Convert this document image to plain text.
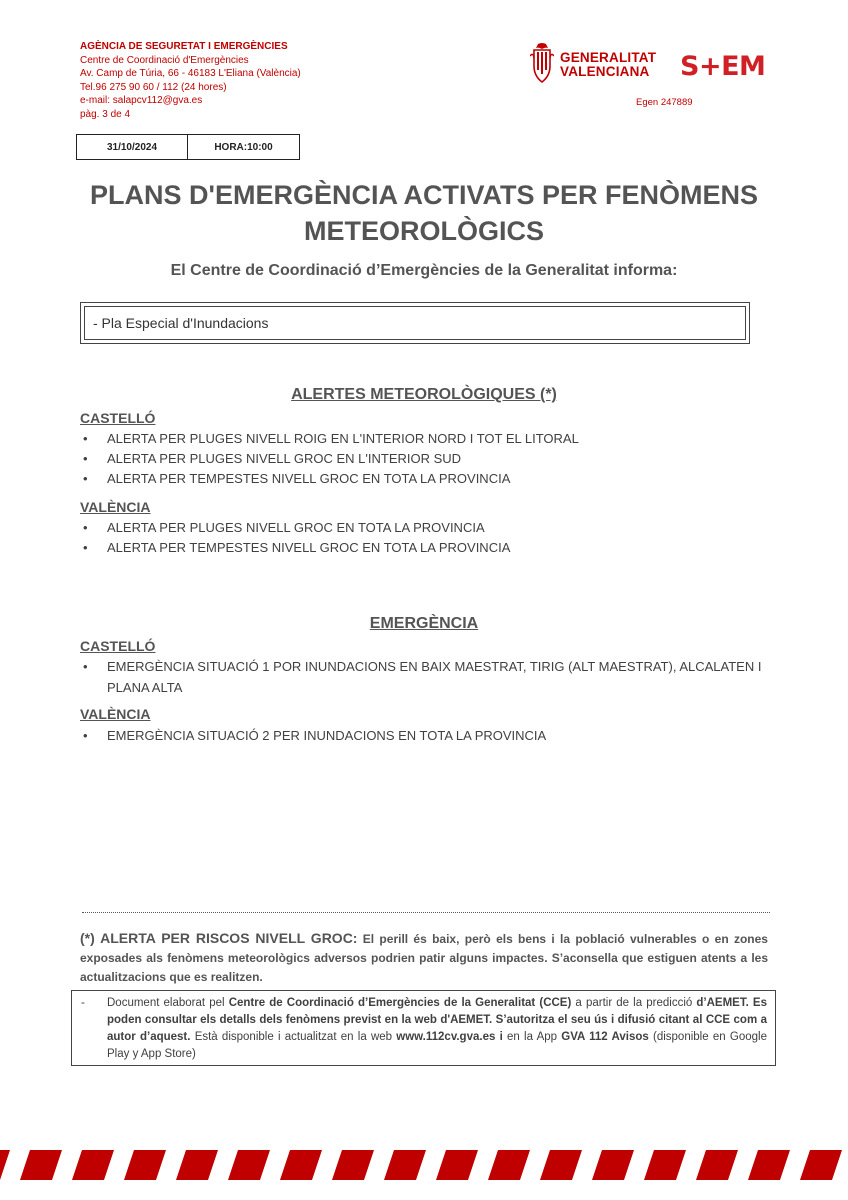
AGÈNCIA DE SEGURETAT I EMERGÈNCIES
Centre de Coordinació d'Emergències
Av. Camp de Túria, 66 - 46183 L'Eliana (València)
Tel.96 275 90 60 / 112 (24 hores)
e-mail: salapcv112@gva.es
pàg. 3 de 4
GENERALITAT
VALENCIANA S+EM
Egen 247889
31/10/2024	HORA:10:00
PLANS D'EMERGÈNCIA ACTIVATS PER FENÒMENS METEOROLÒGICS
El Centre de Coordinació d’Emergències de la Generalitat informa:
- Pla Especial d'Inundacions
ALERTES METEOROLÒGIQUES (*)
CASTELLÓ
• ALERTA PER PLUGES NIVELL ROIG EN L'INTERIOR NORD I TOT EL LITORAL
• ALERTA PER PLUGES NIVELL GROC EN L'INTERIOR SUD
• ALERTA PER TEMPESTES NIVELL GROC EN TOTA LA PROVINCIA
VALÈNCIA
• ALERTA PER PLUGES NIVELL GROC EN TOTA LA PROVINCIA
• ALERTA PER TEMPESTES NIVELL GROC EN TOTA LA PROVINCIA
EMERGÈNCIA
CASTELLÓ
• EMERGÈNCIA SITUACIÓ 1 POR INUNDACIONS EN BAIX MAESTRAT, TIRIG (ALT MAESTRAT), ALCALATEN I PLANA ALTA
VALÈNCIA
• EMERGÈNCIA SITUACIÓ 2 PER INUNDACIONS EN TOTA LA PROVINCIA
(*) ALERTA PER RISCOS NIVELL GROC: El perill és baix, però els bens i la població vulnerables o en zones exposades als fenòmens meteorològics adversos podrien patir alguns impactes. S’aconsella que estiguen atents a les actualitzacions que es realitzen.
- Document elaborat pel Centre de Coordinació d’Emergències de la Generalitat (CCE) a partir de la predicció d’AEMET. Es poden consultar els detalls dels fenòmens previst en la web d'AEMET. S’autoritza el seu ús i difusió citant al CCE com a autor d’aquest. Està disponible i actualitzat en la web www.112cv.gva.es i en la App GVA 112 Avisos (disponible en Google Play y App Store)
